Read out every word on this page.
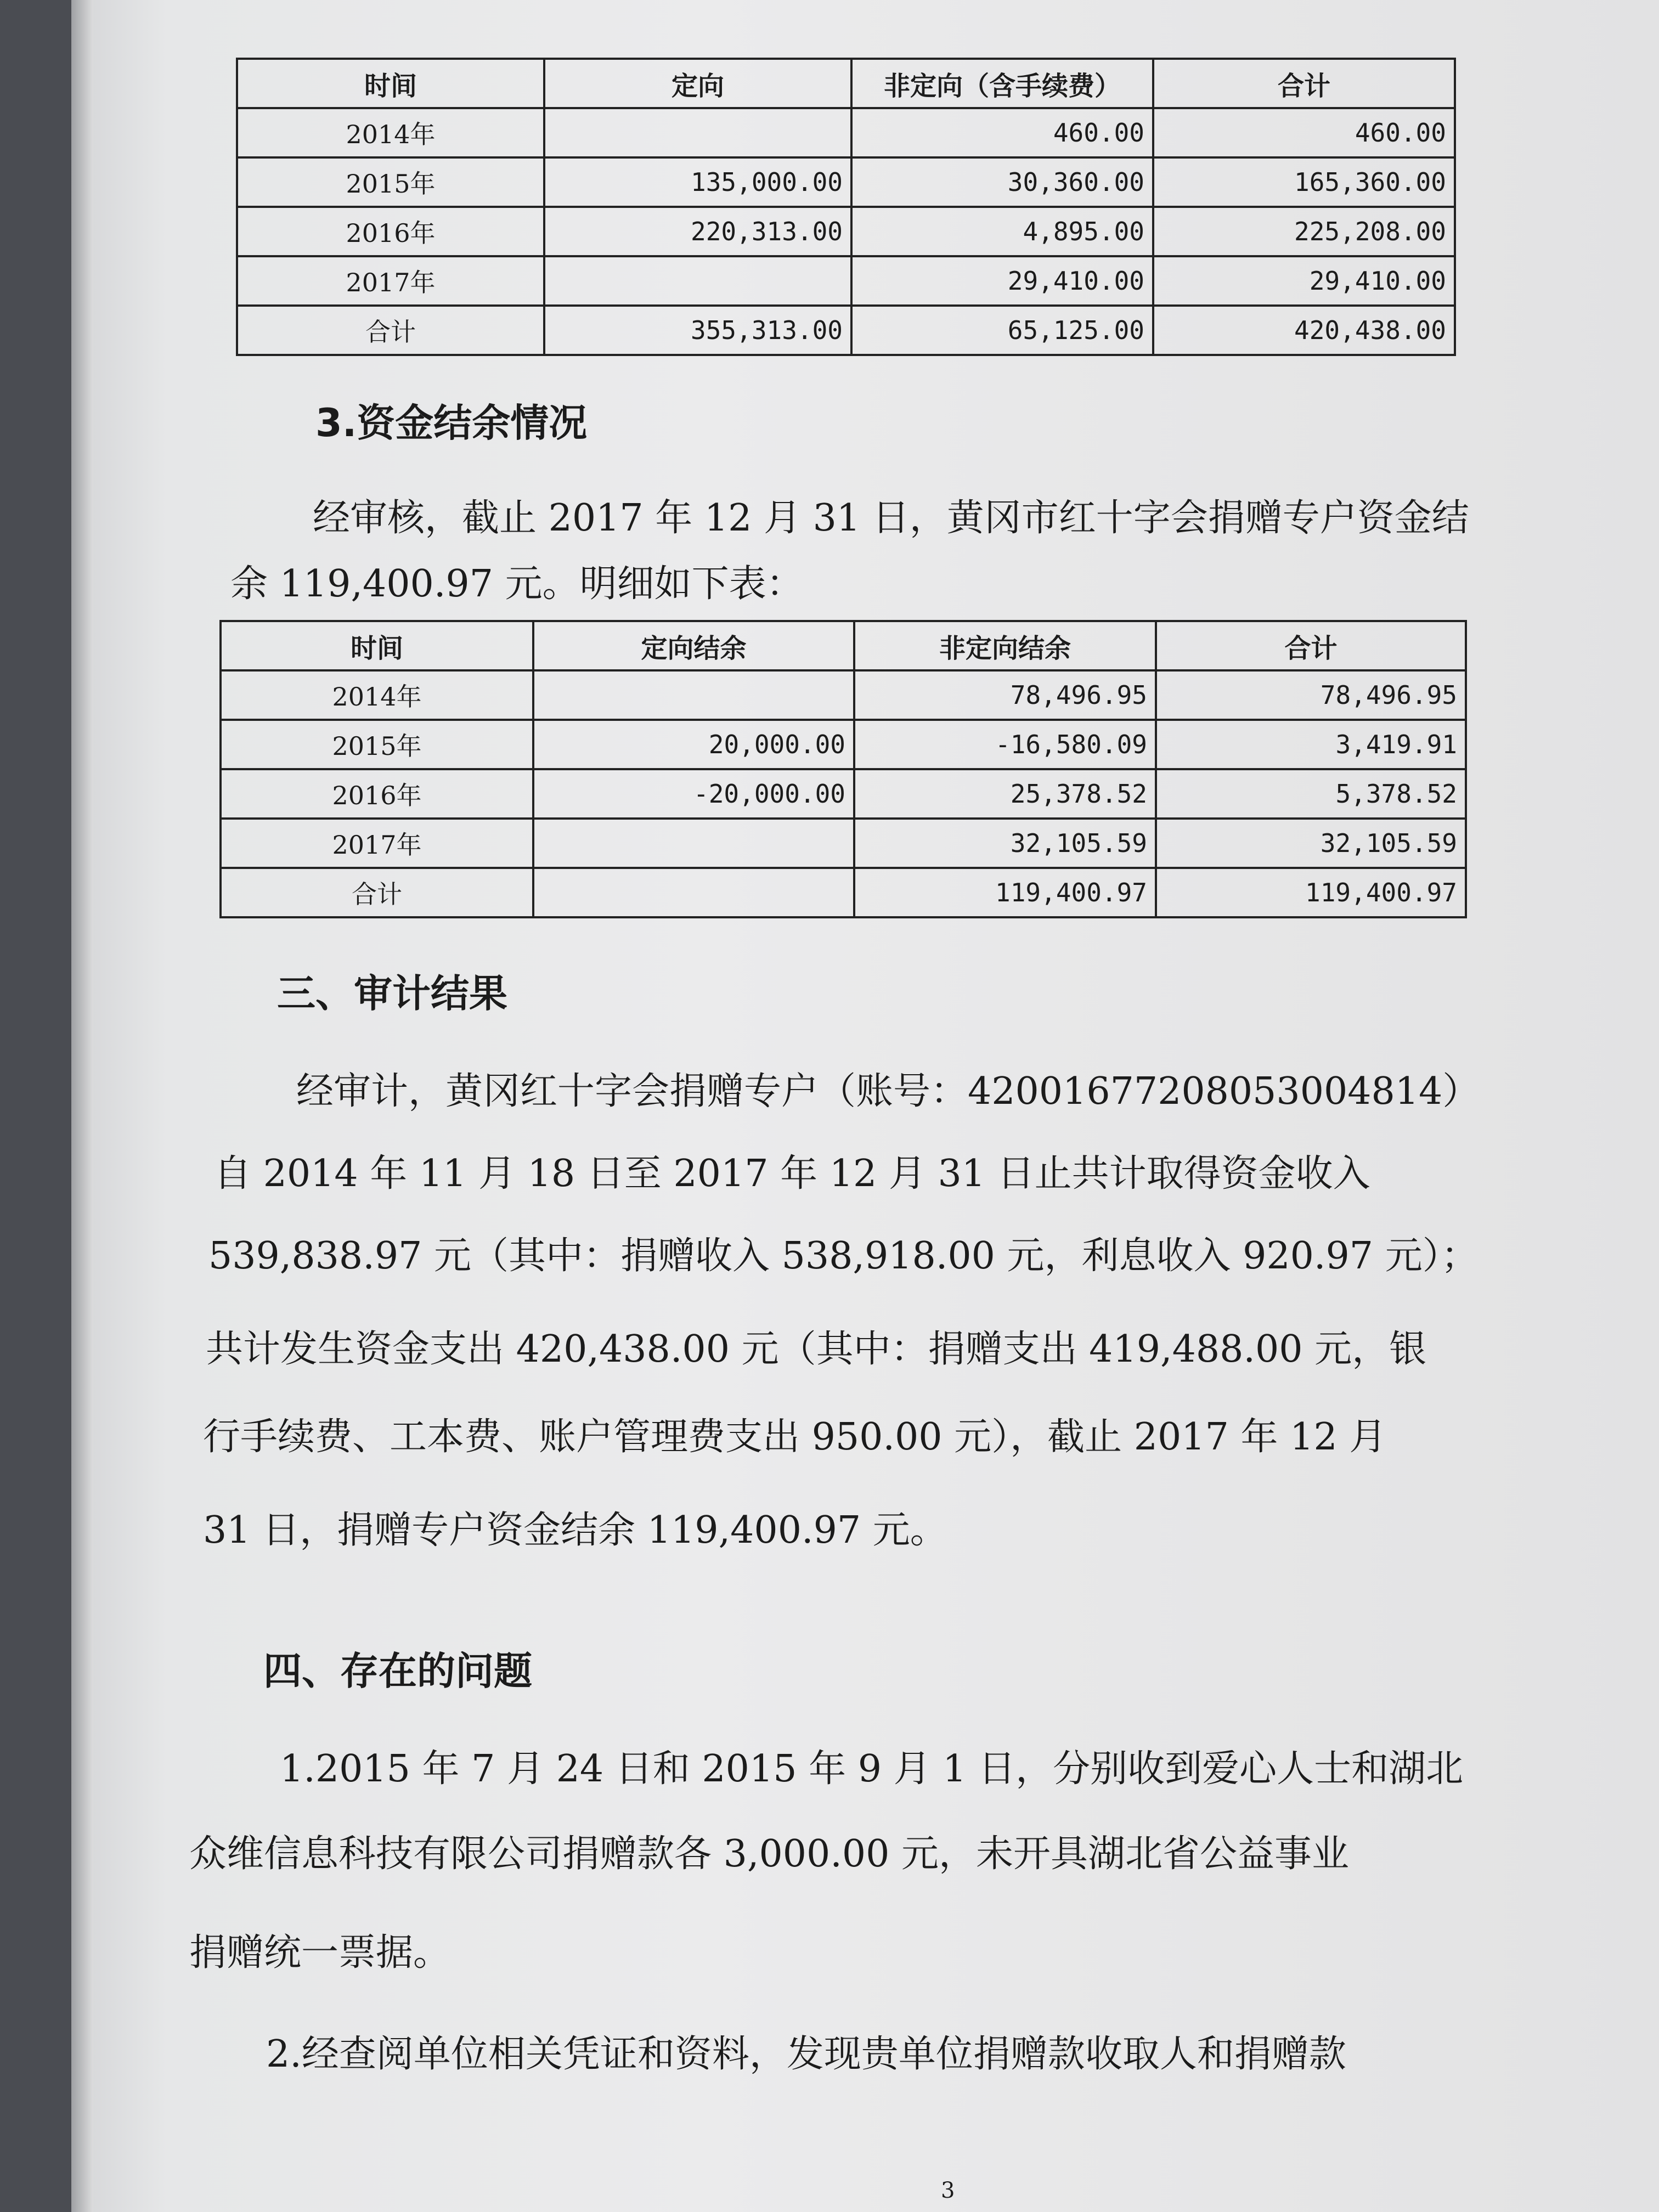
时间	定向	非定向（含手续费）	合计
2014年		460.00	460.00
2015年	135,000.00	30,360.00	165,360.00
2016年	220,313.00	4,895.00	225,208.00
2017年		29,410.00	29,410.00
合计	355,313.00	65,125.00	420,438.00
3.资金结余情况
经审核，截止 2017 年 12 月 31 日，黄冈市红十字会捐赠专户资金结
余 119,400.97 元。明细如下表：
时间	定向结余	非定向结余	合计
2014年		78,496.95	78,496.95
2015年	20,000.00	-16,580.09	3,419.91
2016年	-20,000.00	25,378.52	5,378.52
2017年		32,105.59	32,105.59
合计		119,400.97	119,400.97
三、审计结果
经审计，黄冈红十字会捐赠专户（账号：42001677208053004814）
自 2014 年 11 月 18 日至 2017 年 12 月 31 日止共计取得资金收入
539,838.97 元（其中：捐赠收入 538,918.00 元，利息收入 920.97 元）；
共计发生资金支出 420,438.00 元（其中：捐赠支出 419,488.00 元，银
行手续费、工本费、账户管理费支出 950.00 元），截止 2017 年 12 月
31 日，捐赠专户资金结余 119,400.97 元。
四、存在的问题
1.2015 年 7 月 24 日和 2015 年 9 月 1 日，分别收到爱心人士和湖北
众维信息科技有限公司捐赠款各 3,000.00 元，未开具湖北省公益事业
捐赠统一票据。
2.经查阅单位相关凭证和资料，发现贵单位捐赠款收取人和捐赠款
3
